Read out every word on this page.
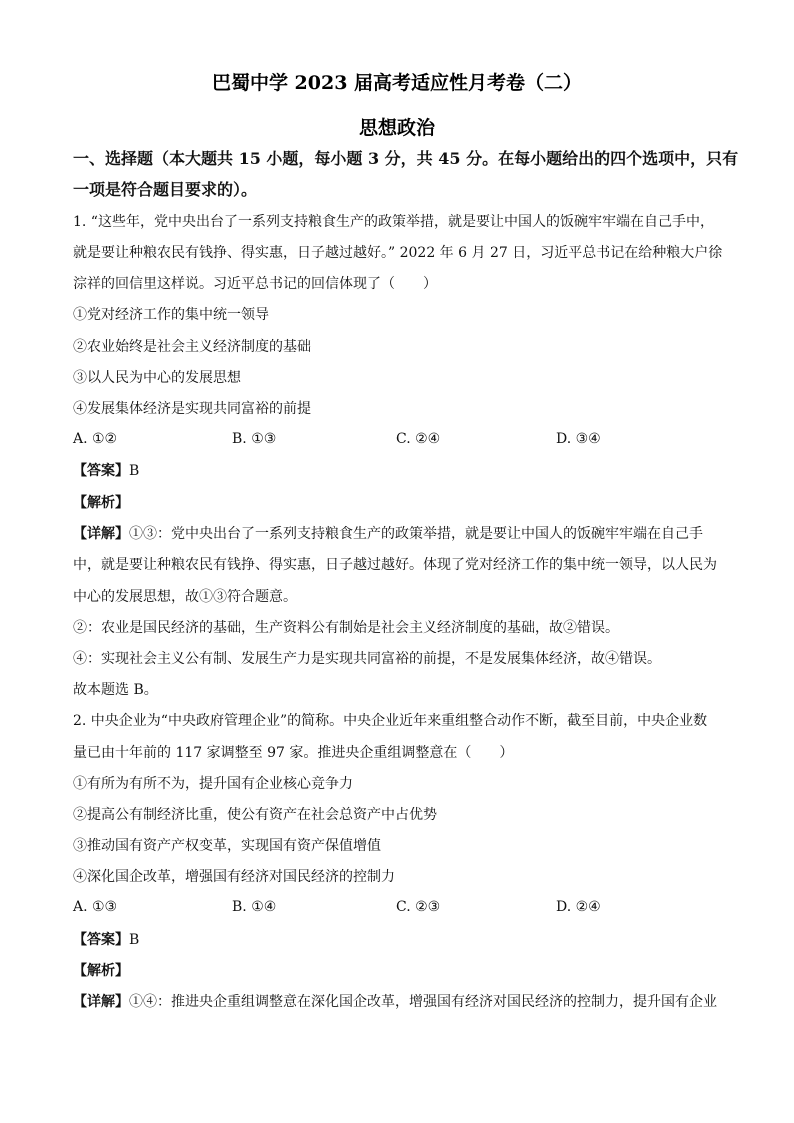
巴蜀中学 2023 届高考适应性月考卷（二）
思想政治
一、选择题（本大题共 15 小题，每小题 3 分，共 45 分。在每小题给出的四个选项中，只有
一项是符合题目要求的）。
1. “这些年，党中央出台了一系列支持粮食生产的政策举措，就是要让中国人的饭碗牢牢端在自己手中，
就是要让种粮农民有钱挣、得实惠，日子越过越好。” 2022 年 6 月 27 日，习近平总书记在给种粮大户徐
淙祥的回信里这样说。习近平总书记的回信体现了（　　）
①党对经济工作的集中统一领导
②农业始终是社会主义经济制度的基础
③以人民为中心的发展思想
④发展集体经济是实现共同富裕的前提
A. ①②	B. ①③	C. ②④	D. ③④
【答案】B
【解析】
【详解】①③：党中央出台了一系列支持粮食生产的政策举措，就是要让中国人的饭碗牢牢端在自己手
中，就是要让种粮农民有钱挣、得实惠，日子越过越好。体现了党对经济工作的集中统一领导，以人民为
中心的发展思想，故①③符合题意。
②：农业是国民经济的基础，生产资料公有制始是社会主义经济制度的基础，故②错误。
④：实现社会主义公有制、发展生产力是实现共同富裕的前提，不是发展集体经济，故④错误。
故本题选 B。
2. 中央企业为“中央政府管理企业”的简称。中央企业近年来重组整合动作不断，截至目前，中央企业数
量已由十年前的 117 家调整至 97 家。推进央企重组调整意在（　　）
①有所为有所不为，提升国有企业核心竞争力
②提高公有制经济比重，使公有资产在社会总资产中占优势
③推动国有资产产权变革，实现国有资产保值增值
④深化国企改革，增强国有经济对国民经济的控制力
A. ①③	B. ①④	C. ②③	D. ②④
【答案】B
【解析】
【详解】①④：推进央企重组调整意在深化国企改革，增强国有经济对国民经济的控制力，提升国有企业
